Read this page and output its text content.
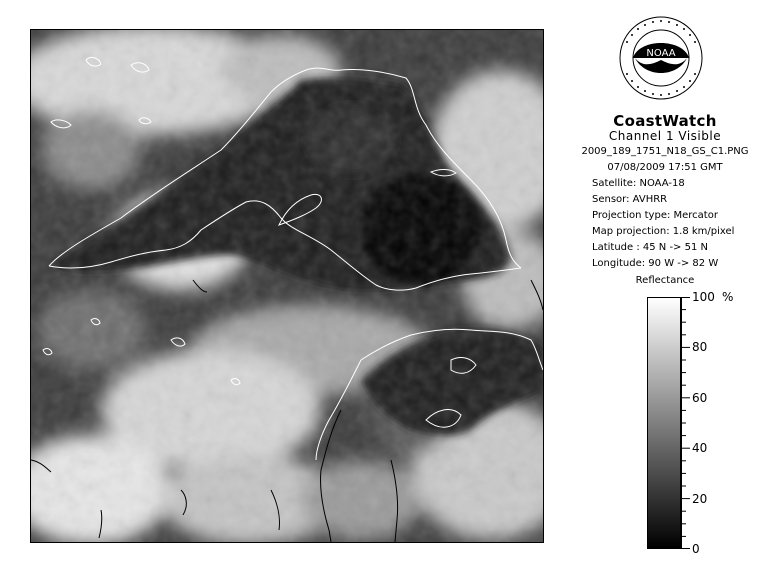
NOAA
CoastWatch
Channel 1 Visible
2009_189_1751_N18_GS_C1.PNG
07/08/2009 17:51 GMT
Satellite: NOAA-18
Sensor: AVHRR
Projection type: Mercator
Map projection: 1.8 km/pixel
Latitude : 45 N -> 51 N
Longitude: 90 W -> 82 W
Reflectance
%
100
80
60
40
20
0
